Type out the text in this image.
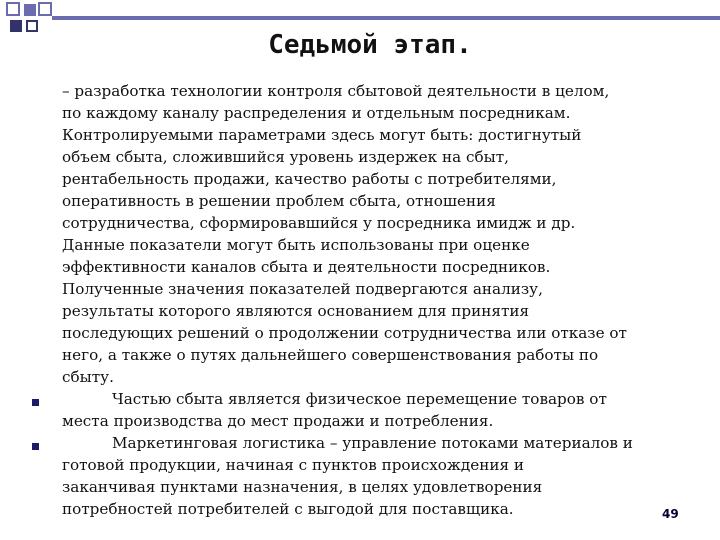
Седьмой этап.

– разработка технологии контроля сбытовой деятельности в целом,

по каждому каналу распределения и отдельным посредникам.

Контролируемыми параметрами здесь могут быть: достигнутый

объем сбыта, сложившийся уровень издержек на сбыт,

рентабельность продажи, качество работы с потребителями,

оперативность в решении проблем сбыта, отношения

сотрудничества, сформировавшийся у посредника имидж и др.

Данные показатели могут быть использованы при оценке

эффективности каналов сбыта и деятельности посредников.

Полученные значения показателей подвергаются анализу,

результаты которого являются основанием для принятия

последующих решений о продолжении сотрудничества или отказе от

него, а также о путях дальнейшего совершенствования работы по

сбыту.

Частью сбыта является физическое перемещение товаров от

места производства до мест продажи и потребления.

Маркетинговая логистика – управление потоками материалов и

готовой продукции, начиная с пунктов происхождения и

заканчивая пунктами назначения, в целях удовлетворения

потребностей потребителей с выгодой для поставщика.	49
